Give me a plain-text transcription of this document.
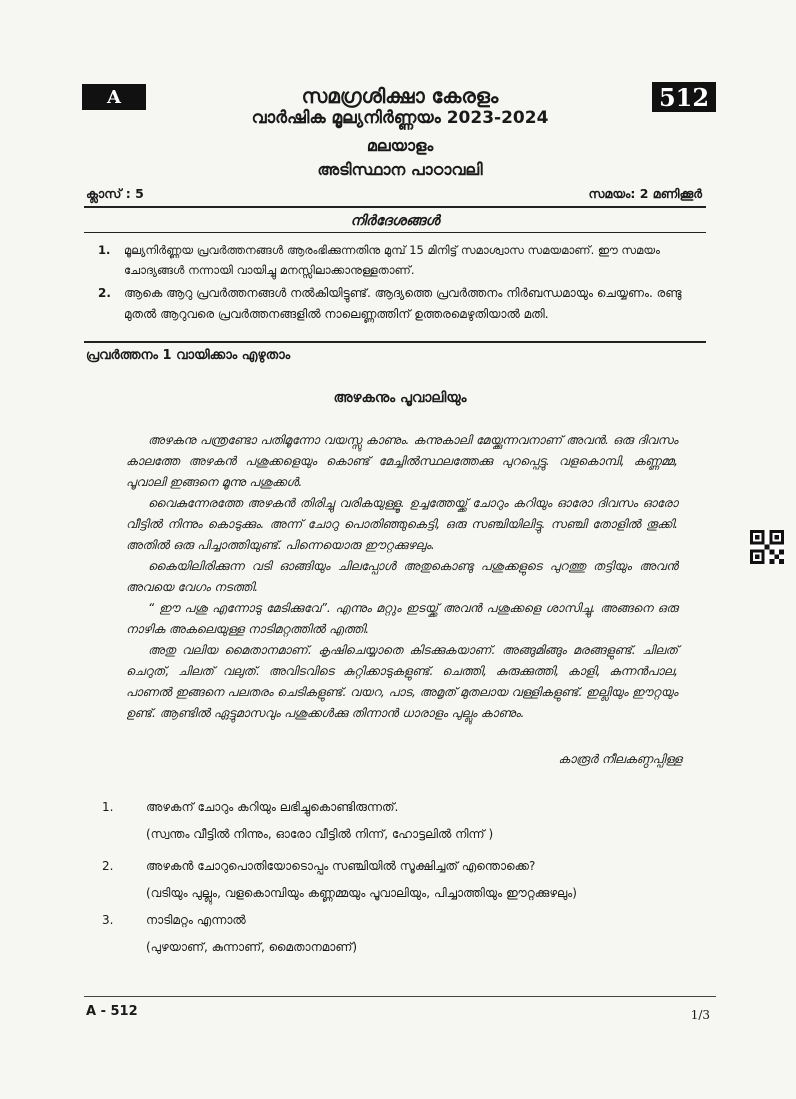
A	512
സമഗ്രശിക്ഷാ കേരളം
വാർഷിക മൂല്യനിർണ്ണയം 2023-2024
മലയാളം
അടിസ്ഥാന പാഠാവലി
ക്ലാസ് : 5	സമയം: 2 മണിക്കൂർ
നിർദേശങ്ങൾ
1. മൂല്യനിർണ്ണയ പ്രവർത്തനങ്ങൾ ആരംഭിക്കുന്നതിനു മുമ്പ് 15 മിനിട്ട് സമാശ്വാസ സമയമാണ്. ഈ സമയം ചോദ്യങ്ങൾ നന്നായി വായിച്ചു മനസ്സിലാക്കാനുള്ളതാണ്.
2. ആകെ ആറു പ്രവർത്തനങ്ങൾ നൽകിയിട്ടുണ്ട്. ആദ്യത്തെ പ്രവർത്തനം നിർബന്ധമായും ചെയ്യണം. രണ്ടു മുതൽ ആറുവരെ പ്രവർത്തനങ്ങളിൽ നാലെണ്ണത്തിന് ഉത്തരമെഴുതിയാൽ മതി.
പ്രവർത്തനം 1 വായിക്കാം എഴുതാം
അഴകനും പൂവാലിയും

അഴകനു പന്ത്രണ്ടോ പതിമൂന്നോ വയസ്സു കാണും. കന്നുകാലി മേയ്ക്കുന്നവനാണ് അവൻ. ഒരു ദിവസം കാലത്തേ അഴകൻ പശുക്കളെയും കൊണ്ട് മേച്ചിൽസ്ഥലത്തേക്കു പുറപ്പെട്ടു. വളകൊമ്പി, കണ്ണമ്മ, പൂവാലി ഇങ്ങനെ മൂന്നു പശുക്കൾ.

വൈകുന്നേരത്തേ അഴകൻ തിരിച്ചു വരികയുള്ളൂ. ഉച്ചത്തേയ്ക്ക് ചോറും കറിയും ഓരോ ദിവസം ഓരോ വീട്ടിൽ നിന്നും കൊടുക്കും. അന്ന് ചോറു പൊതിഞ്ഞുകെട്ടി, ഒരു സഞ്ചിയിലിട്ടു. സഞ്ചി തോളിൽ തൂക്കി. അതിൽ ഒരു പിച്ചാത്തിയുണ്ട്. പിന്നെയൊരു ഈറ്റക്കുഴലും.

കൈയിലിരിക്കുന്ന വടി ഓങ്ങിയും ചിലപ്പോൾ അതുകൊണ്ടു പശുക്കളുടെ പുറത്തു തട്ടിയും അവൻ അവയെ വേഗം നടത്തി.

“ ഈ പശു എന്നോടു മേടിക്കുവേ”. എന്നും മറ്റും ഇടയ്ക്ക് അവൻ പശുക്കളെ ശാസിച്ചു. അങ്ങനെ ഒരു നാഴിക അകലെയുള്ള നാടിമറ്റത്തിൽ എത്തി.

അതു വലിയ മൈതാനമാണ്. കൃഷിചെയ്യാതെ കിടക്കുകയാണ്. അങ്ങുമിങ്ങും മരങ്ങളുണ്ട്. ചിലത് ചെറുത്, ചിലത് വലുത്. അവിടവിടെ കുറ്റിക്കാടുകളുണ്ട്. ചെത്തി, കുരുക്കുത്തി, കാളി, കുന്നൻപാല, പാണൽ ഇങ്ങനെ പലതരം ചെടികളുണ്ട്. വയറ, പാട, അമൃത് മുതലായ വള്ളികളുണ്ട്. ഇല്ലിയും ഈറ്റയും ഉണ്ട്. ആണ്ടിൽ ഏട്ടുമാസവും പശുക്കൾക്കു തിന്നാൻ ധാരാളം പുല്ലും കാണും.

കാരൂർ നീലകണ്ഠപ്പിള്ള
1.	അഴകന് ചോറും കറിയും ലഭിച്ചുകൊണ്ടിരുന്നത്.
(സ്വന്തം വീട്ടിൽ നിന്നും, ഓരോ വീട്ടിൽ നിന്ന്, ഹോട്ടലിൽ നിന്ന് )
2.	അഴകൻ ചോറുപൊതിയോടൊപ്പം സഞ്ചിയിൽ സൂക്ഷിച്ചത് എന്തൊക്കെ?
(വടിയും പുല്ലും, വളകൊമ്പിയും കണ്ണമ്മയും പൂവാലിയും, പിച്ചാത്തിയും ഈറ്റക്കുഴലും)
3.	നാടിമറ്റം എന്നാൽ
(പുഴയാണ്, കുന്നാണ്, മൈതാനമാണ്)
A - 512	1/3
